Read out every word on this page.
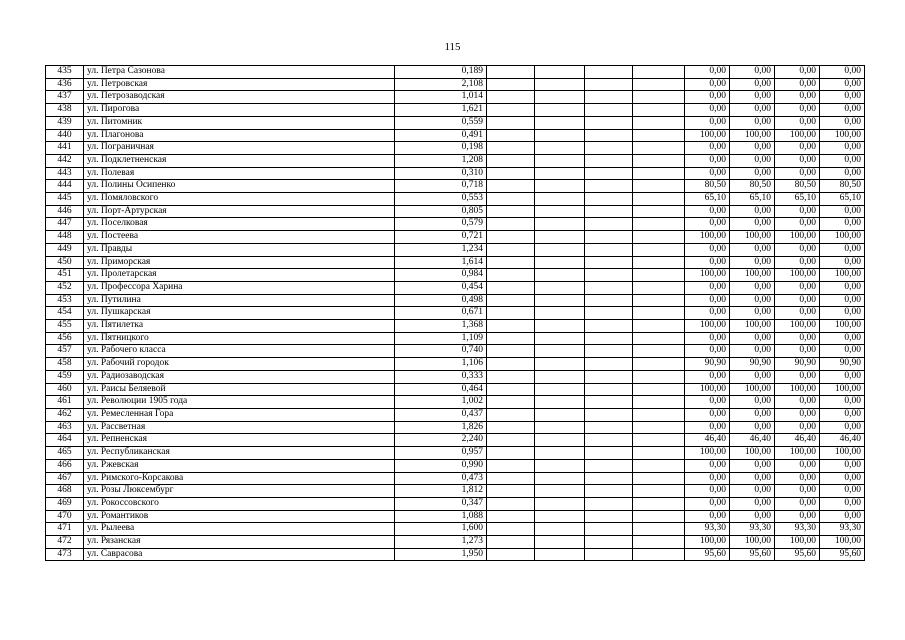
115
435	ул. Петра Сазонова	0,189					0,00	0,00	0,00	0,00
436	ул. Петровская	2,108					0,00	0,00	0,00	0,00
437	ул. Петрозаводская	1,014					0,00	0,00	0,00	0,00
438	ул. Пирогова	1,621					0,00	0,00	0,00	0,00
439	ул. Питомник	0,559					0,00	0,00	0,00	0,00
440	ул. Плагонова	0,491					100,00	100,00	100,00	100,00
441	ул. Пограничная	0,198					0,00	0,00	0,00	0,00
442	ул. Подклетненская	1,208					0,00	0,00	0,00	0,00
443	ул. Полевая	0,310					0,00	0,00	0,00	0,00
444	ул. Полины Осипенко	0,718					80,50	80,50	80,50	80,50
445	ул. Помяловского	0,553					65,10	65,10	65,10	65,10
446	ул. Порт-Артурская	0,805					0,00	0,00	0,00	0,00
447	ул. Поселковая	0,579					0,00	0,00	0,00	0,00
448	ул. Постеева	0,721					100,00	100,00	100,00	100,00
449	ул. Правды	1,234					0,00	0,00	0,00	0,00
450	ул. Приморская	1,614					0,00	0,00	0,00	0,00
451	ул. Пролетарская	0,984					100,00	100,00	100,00	100,00
452	ул. Профессора Харина	0,454					0,00	0,00	0,00	0,00
453	ул. Путилина	0,498					0,00	0,00	0,00	0,00
454	ул. Пушкарская	0,671					0,00	0,00	0,00	0,00
455	ул. Пятилетка	1,368					100,00	100,00	100,00	100,00
456	ул. Пятницкого	1,109					0,00	0,00	0,00	0,00
457	ул. Рабочего класса	0,740					0,00	0,00	0,00	0,00
458	ул. Рабочий городок	1,106					90,90	90,90	90,90	90,90
459	ул. Радиозаводская	0,333					0,00	0,00	0,00	0,00
460	ул. Раисы Беляевой	0,464					100,00	100,00	100,00	100,00
461	ул. Революции 1905 года	1,002					0,00	0,00	0,00	0,00
462	ул. Ремесленная Гора	0,437					0,00	0,00	0,00	0,00
463	ул. Рассветная	1,826					0,00	0,00	0,00	0,00
464	ул. Репненская	2,240					46,40	46,40	46,40	46,40
465	ул. Республиканская	0,957					100,00	100,00	100,00	100,00
466	ул. Ржевская	0,990					0,00	0,00	0,00	0,00
467	ул. Римского-Корсакова	0,473					0,00	0,00	0,00	0,00
468	ул. Розы Люксембург	1,812					0,00	0,00	0,00	0,00
469	ул. Рокоссовского	0,347					0,00	0,00	0,00	0,00
470	ул. Романтиков	1,088					0,00	0,00	0,00	0,00
471	ул. Рылеева	1,600					93,30	93,30	93,30	93,30
472	ул. Рязанская	1,273					100,00	100,00	100,00	100,00
473	ул. Саврасова	1,950					95,60	95,60	95,60	95,60
